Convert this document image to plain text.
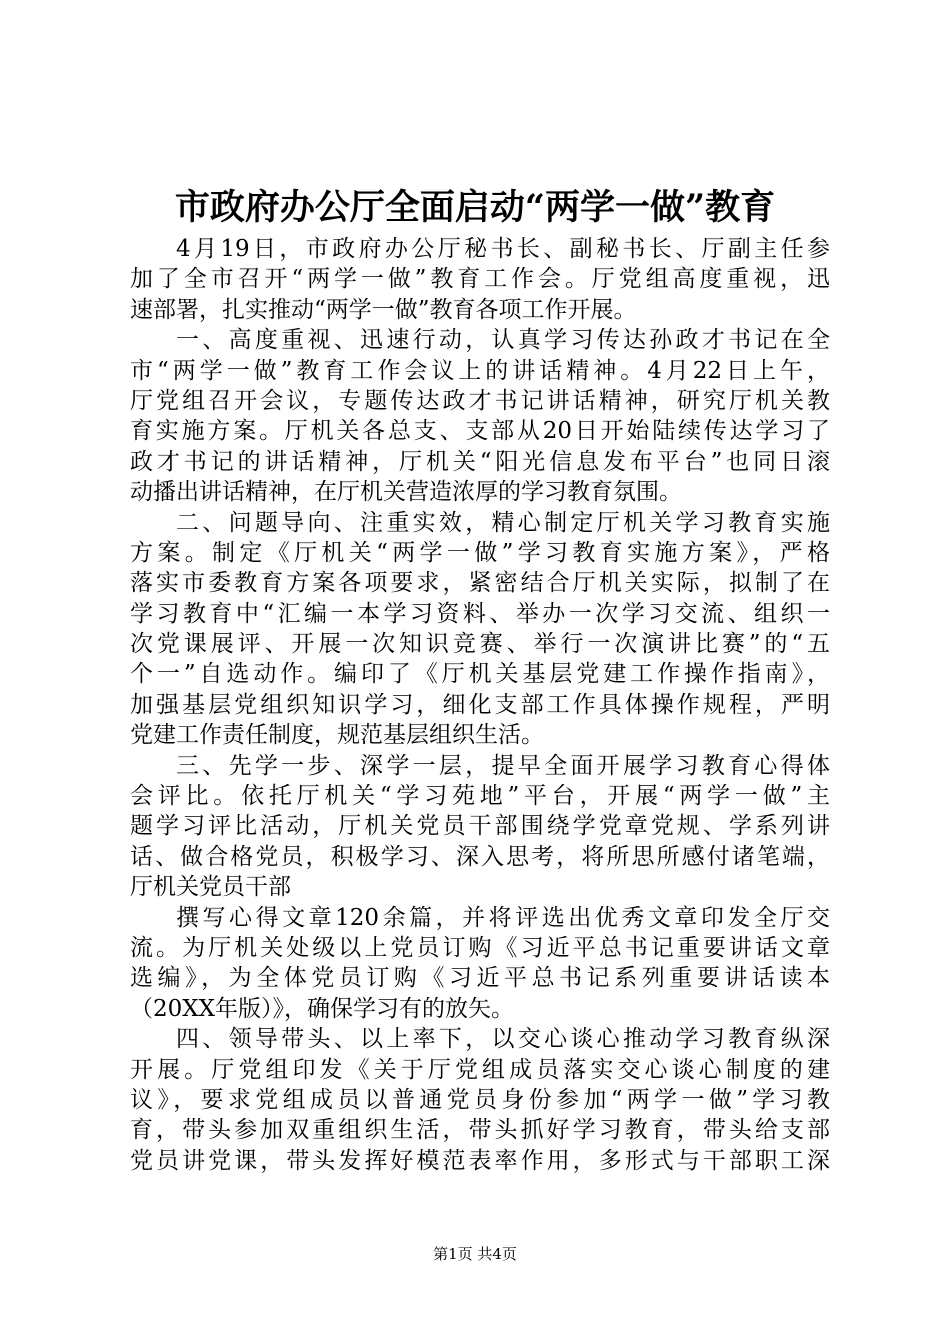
市政府办公厅全面启动“两学一做”教育
4月19日，市政府办公厅秘书长、副秘书长、厅副主任参
加了全市召开“两学一做”教育工作会。厅党组高度重视，迅
速部署，扎实推动“两学一做”教育各项工作开展。
一、高度重视、迅速行动，认真学习传达孙政才书记在全
市“两学一做”教育工作会议上的讲话精神。4月22日上午，
厅党组召开会议，专题传达政才书记讲话精神，研究厅机关教
育实施方案。厅机关各总支、支部从20日开始陆续传达学习了
政才书记的讲话精神，厅机关“阳光信息发布平台”也同日滚
动播出讲话精神，在厅机关营造浓厚的学习教育氛围。
二、问题导向、注重实效，精心制定厅机关学习教育实施
方案。制定《厅机关“两学一做”学习教育实施方案》，严格
落实市委教育方案各项要求，紧密结合厅机关实际，拟制了在
学习教育中“汇编一本学习资料、举办一次学习交流、组织一
次党课展评、开展一次知识竞赛、举行一次演讲比赛”的“五
个一”自选动作。编印了《厅机关基层党建工作操作指南》，
加强基层党组织知识学习，细化支部工作具体操作规程，严明
党建工作责任制度，规范基层组织生活。
三、先学一步、深学一层，提早全面开展学习教育心得体
会评比。依托厅机关“学习苑地”平台，开展“两学一做”主
题学习评比活动，厅机关党员干部围绕学党章党规、学系列讲
话、做合格党员，积极学习、深入思考，将所思所感付诸笔端，
厅机关党员干部
撰写心得文章120余篇，并将评选出优秀文章印发全厅交
流。为厅机关处级以上党员订购《习近平总书记重要讲话文章
选编》，为全体党员订购《习近平总书记系列重要讲话读本
（20XX年版）》，确保学习有的放矢。
四、领导带头、以上率下，以交心谈心推动学习教育纵深
开展。厅党组印发《关于厅党组成员落实交心谈心制度的建
议》，要求党组成员以普通党员身份参加“两学一做”学习教
育，带头参加双重组织生活，带头抓好学习教育，带头给支部
党员讲党课，带头发挥好模范表率作用，多形式与干部职工深
第1页 共4页
